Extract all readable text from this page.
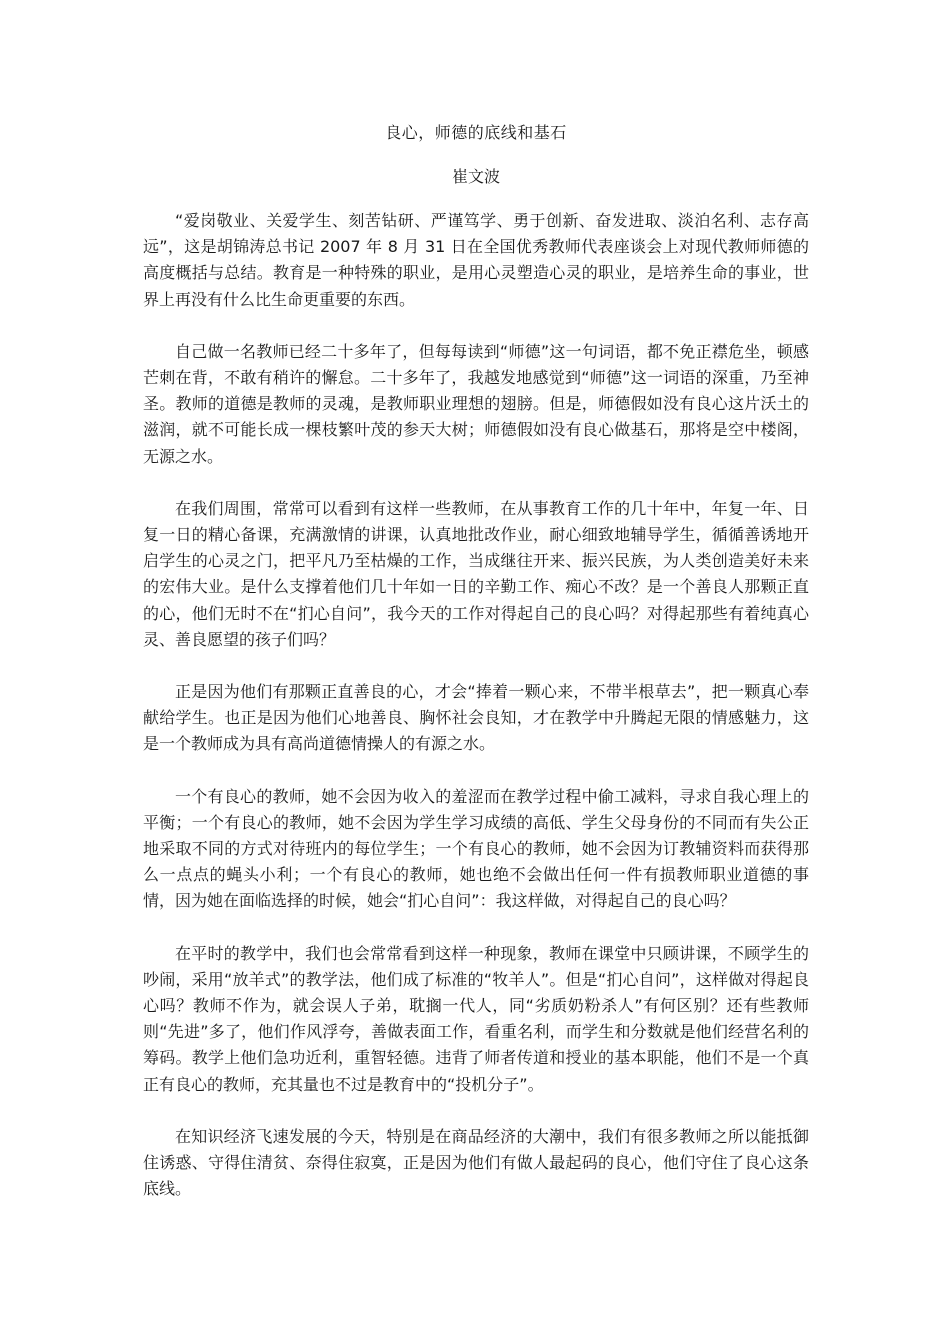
良心，师德的底线和基石
崔文波

“爱岗敬业、关爱学生、刻苦钻研、严谨笃学、勇于创新、奋发进取、淡泊名利、志存高远”，这是胡锦涛总书记 2007 年 8 月 31 日在全国优秀教师代表座谈会上对现代教师师德的高度概括与总结。教育是一种特殊的职业，是用心灵塑造心灵的职业，是培养生命的事业，世界上再没有什么比生命更重要的东西。

自己做一名教师已经二十多年了，但每每读到“师德”这一句词语，都不免正襟危坐，顿感芒刺在背，不敢有稍许的懈怠。二十多年了，我越发地感觉到“师德”这一词语的深重，乃至神圣。教师的道德是教师的灵魂，是教师职业理想的翅膀。但是，师德假如没有良心这片沃土的滋润，就不可能长成一棵枝繁叶茂的参天大树；师德假如没有良心做基石，那将是空中楼阁，无源之水。

在我们周围，常常可以看到有这样一些教师，在从事教育工作的几十年中，年复一年、日复一日的精心备课，充满激情的讲课，认真地批改作业，耐心细致地辅导学生，循循善诱地开启学生的心灵之门，把平凡乃至枯燥的工作，当成继往开来、振兴民族，为人类创造美好未来的宏伟大业。是什么支撑着他们几十年如一日的辛勤工作、痴心不改？是一个善良人那颗正直的心，他们无时不在“扪心自问”，我今天的工作对得起自己的良心吗？对得起那些有着纯真心灵、善良愿望的孩子们吗？

正是因为他们有那颗正直善良的心，才会“捧着一颗心来，不带半根草去”，把一颗真心奉献给学生。也正是因为他们心地善良、胸怀社会良知，才在教学中升腾起无限的情感魅力，这是一个教师成为具有高尚道德情操人的有源之水。

一个有良心的教师，她不会因为收入的羞涩而在教学过程中偷工减料，寻求自我心理上的平衡；一个有良心的教师，她不会因为学生学习成绩的高低、学生父母身份的不同而有失公正地采取不同的方式对待班内的每位学生；一个有良心的教师，她不会因为订教辅资料而获得那么一点点的蝇头小利；一个有良心的教师，她也绝不会做出任何一件有损教师职业道德的事情，因为她在面临选择的时候，她会“扪心自问”：我这样做，对得起自己的良心吗？

在平时的教学中，我们也会常常看到这样一种现象，教师在课堂中只顾讲课，不顾学生的吵闹，采用“放羊式”的教学法，他们成了标准的“牧羊人”。但是“扪心自问”，这样做对得起良心吗？教师不作为，就会误人子弟，耽搁一代人，同“劣质奶粉杀人”有何区别？还有些教师则“先进”多了，他们作风浮夸，善做表面工作，看重名利，而学生和分数就是他们经营名利的筹码。教学上他们急功近利，重智轻德。违背了师者传道和授业的基本职能，他们不是一个真正有良心的教师，充其量也不过是教育中的“投机分子”。

在知识经济飞速发展的今天，特别是在商品经济的大潮中，我们有很多教师之所以能抵御住诱惑、守得住清贫、奈得住寂寞，正是因为他们有做人最起码的良心，他们守住了良心这条底线。
